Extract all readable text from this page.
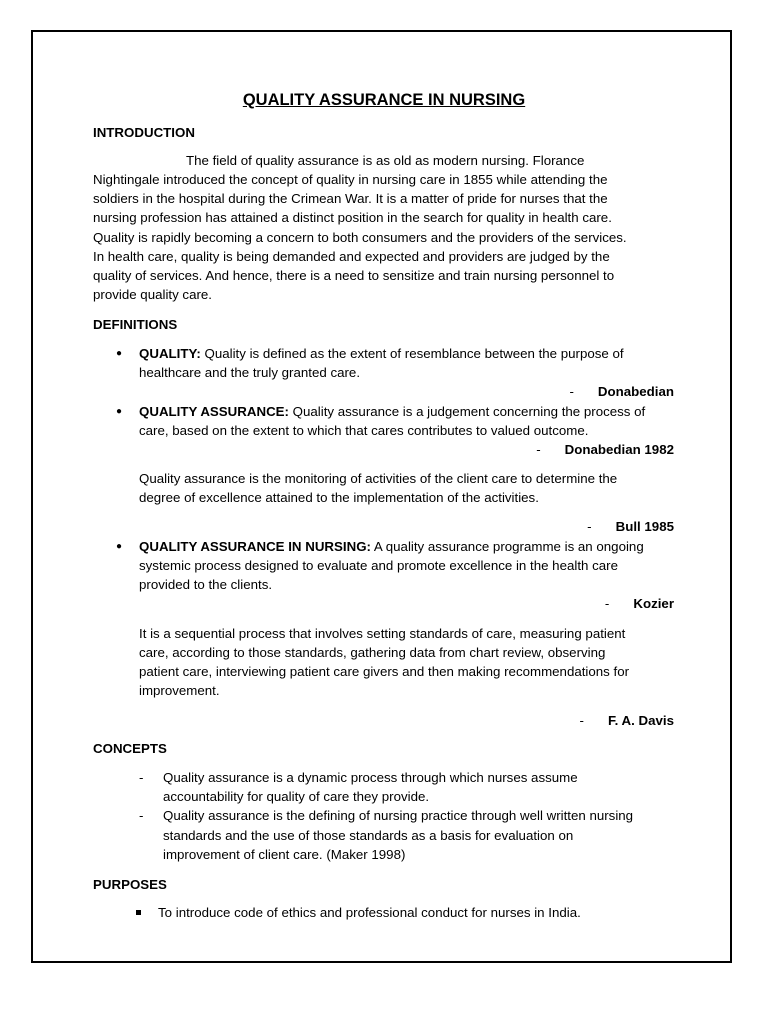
QUALITY ASSURANCE IN NURSING
INTRODUCTION
The field of quality assurance is as old as modern nursing. Florance
Nightingale introduced the concept of quality in nursing care in 1855 while attending the
soldiers in the hospital during the Crimean War. It is a matter of pride for nurses that the
nursing profession has attained a distinct position in the search for quality in health care.
Quality is rapidly becoming a concern to both consumers and the providers of the services.
In health care, quality is being demanded and expected and providers are judged by the
quality of services. And hence, there is a need to sensitize and train nursing personnel to
provide quality care.
DEFINITIONS
● QUALITY: Quality is defined as the extent of resemblance between the purpose of
healthcare and the truly granted care.
- Donabedian
● QUALITY ASSURANCE: Quality assurance is a judgement concerning the process of
care, based on the extent to which that cares contributes to valued outcome.
- Donabedian 1982
Quality assurance is the monitoring of activities of the client care to determine the
degree of excellence attained to the implementation of the activities.
- Bull 1985
● QUALITY ASSURANCE IN NURSING: A quality assurance programme is an ongoing
systemic process designed to evaluate and promote excellence in the health care
provided to the clients.
- Kozier
It is a sequential process that involves setting standards of care, measuring patient
care, according to those standards, gathering data from chart review, observing
patient care, interviewing patient care givers and then making recommendations for
improvement.
- F. A. Davis
CONCEPTS
- Quality assurance is a dynamic process through which nurses assume
accountability for quality of care they provide.
- Quality assurance is the defining of nursing practice through well written nursing
standards and the use of those standards as a basis for evaluation on
improvement of client care. (Maker 1998)
PURPOSES
To introduce code of ethics and professional conduct for nurses in India.
